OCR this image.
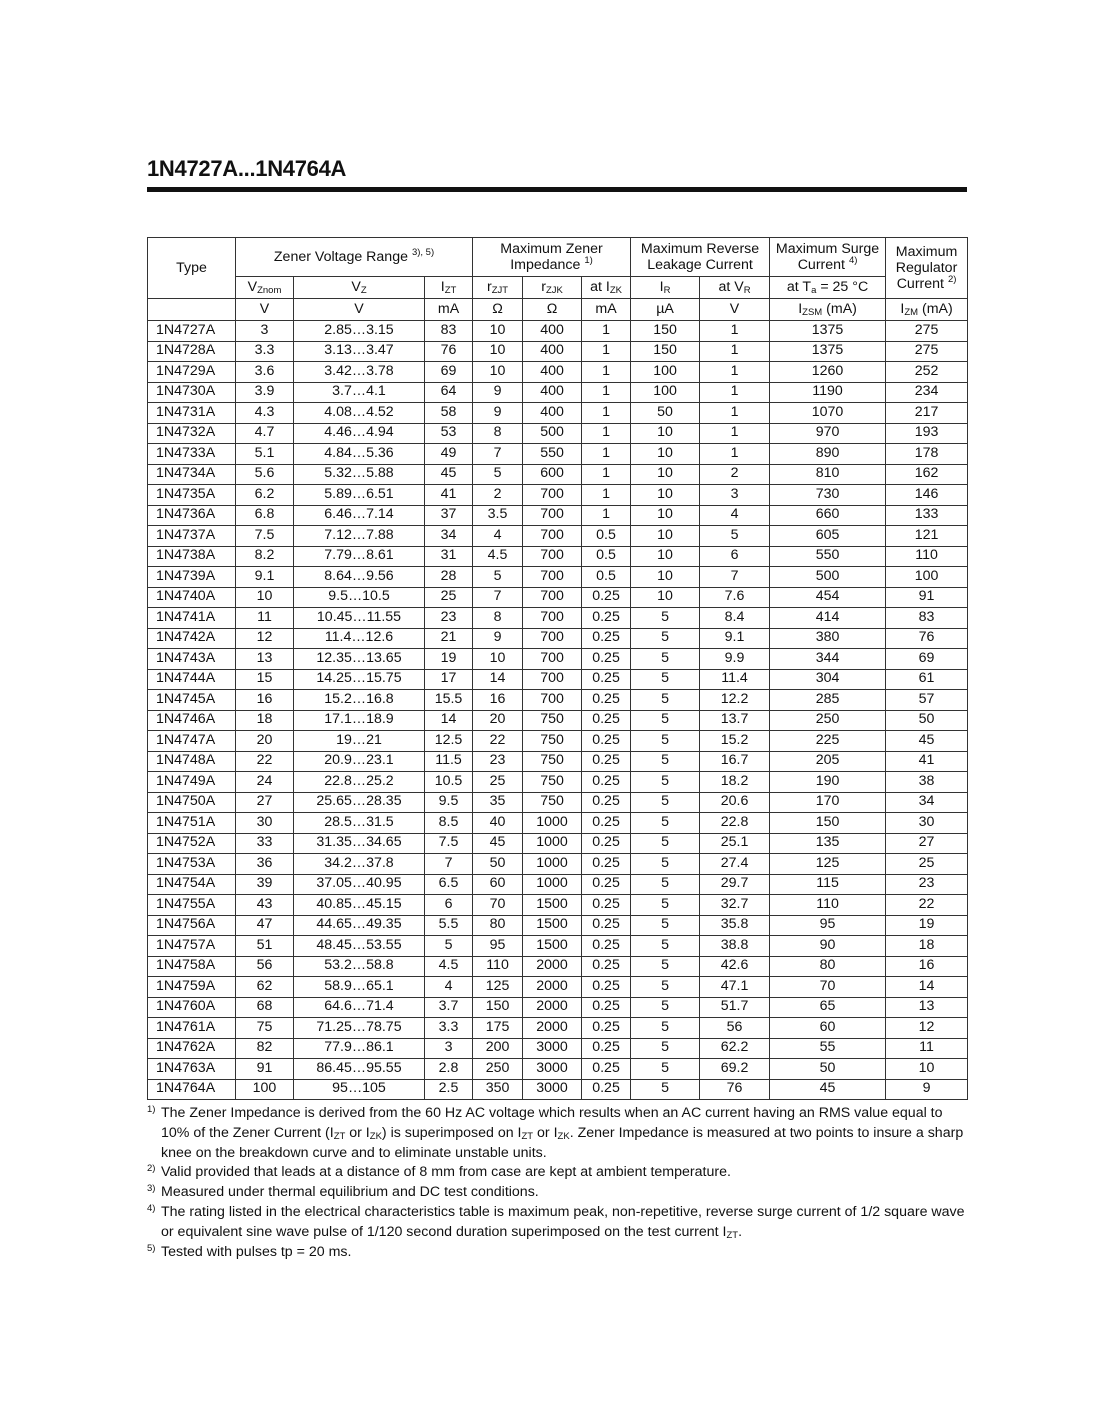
1N4727A...1N4764A
Type	Zener Voltage Range $^{3), 5)}$			Maximum Zener Impedance $^{1)}$			Maximum Reverse Leakage Current		Maximum Surge Current $^{4)}$	Maximum Regulator Current $^{2)}$
	$V_{Znom}$	$V_Z$	$I_{ZT}$	$r_{ZJT}$	$r_{ZJK}$	at $I_{ZK}$	$I_R$	at $V_R$	at $T_a = 25$ °C	
	V	V	mA	Ω	Ω	mA	µA	V	$I_{ZSM}$ (mA)	$I_{ZM}$ (mA)
1N4727A	3	2.85…3.15	83	10	400	1	150	1	1375	275
1N4728A	3.3	3.13…3.47	76	10	400	1	150	1	1375	275
1N4729A	3.6	3.42…3.78	69	10	400	1	100	1	1260	252
1N4730A	3.9	3.7…4.1	64	9	400	1	100	1	1190	234
1N4731A	4.3	4.08…4.52	58	9	400	1	50	1	1070	217
1N4732A	4.7	4.46…4.94	53	8	500	1	10	1	970	193
1N4733A	5.1	4.84…5.36	49	7	550	1	10	1	890	178
1N4734A	5.6	5.32…5.88	45	5	600	1	10	2	810	162
1N4735A	6.2	5.89…6.51	41	2	700	1	10	3	730	146
1N4736A	6.8	6.46…7.14	37	3.5	700	1	10	4	660	133
1N4737A	7.5	7.12…7.88	34	4	700	0.5	10	5	605	121
1N4738A	8.2	7.79…8.61	31	4.5	700	0.5	10	6	550	110
1N4739A	9.1	8.64…9.56	28	5	700	0.5	10	7	500	100
1N4740A	10	9.5…10.5	25	7	700	0.25	10	7.6	454	91
1N4741A	11	10.45…11.55	23	8	700	0.25	5	8.4	414	83
1N4742A	12	11.4…12.6	21	9	700	0.25	5	9.1	380	76
1N4743A	13	12.35…13.65	19	10	700	0.25	5	9.9	344	69
1N4744A	15	14.25…15.75	17	14	700	0.25	5	11.4	304	61
1N4745A	16	15.2…16.8	15.5	16	700	0.25	5	12.2	285	57
1N4746A	18	17.1…18.9	14	20	750	0.25	5	13.7	250	50
1N4747A	20	19…21	12.5	22	750	0.25	5	15.2	225	45
1N4748A	22	20.9…23.1	11.5	23	750	0.25	5	16.7	205	41
1N4749A	24	22.8…25.2	10.5	25	750	0.25	5	18.2	190	38
1N4750A	27	25.65…28.35	9.5	35	750	0.25	5	20.6	170	34
1N4751A	30	28.5…31.5	8.5	40	1000	0.25	5	22.8	150	30
1N4752A	33	31.35…34.65	7.5	45	1000	0.25	5	25.1	135	27
1N4753A	36	34.2…37.8	7	50	1000	0.25	5	27.4	125	25
1N4754A	39	37.05…40.95	6.5	60	1000	0.25	5	29.7	115	23
1N4755A	43	40.85…45.15	6	70	1500	0.25	5	32.7	110	22
1N4756A	47	44.65…49.35	5.5	80	1500	0.25	5	35.8	95	19
1N4757A	51	48.45…53.55	5	95	1500	0.25	5	38.8	90	18
1N4758A	56	53.2…58.8	4.5	110	2000	0.25	5	42.6	80	16
1N4759A	62	58.9…65.1	4	125	2000	0.25	5	47.1	70	14
1N4760A	68	64.6…71.4	3.7	150	2000	0.25	5	51.7	65	13
1N4761A	75	71.25…78.75	3.3	175	2000	0.25	5	56	60	12
1N4762A	82	77.9…86.1	3	200	3000	0.25	5	62.2	55	11
1N4763A	91	86.45…95.55	2.8	250	3000	0.25	5	69.2	50	10
1N4764A	100	95…105	2.5	350	3000	0.25	5	76	45	9
1) The Zener Impedance is derived from the 60 Hz AC voltage which results when an AC current having an RMS value equal to 10% of the Zener Current ($I_{ZT}$ or $I_{ZK}$) is superimposed on $I_{ZT}$ or $I_{ZK}$. Zener Impedance is measured at two points to insure a sharp knee on the breakdown curve and to eliminate unstable units.

2) Valid provided that leads at a distance of 8 mm from case are kept at ambient temperature.

3) Measured under thermal equilibrium and DC test conditions.

4) The rating listed in the electrical characteristics table is maximum peak, non-repetitive, reverse surge current of 1/2 square wave or equivalent sine wave pulse of 1/120 second duration superimposed on the test current $I_{ZT}$.

5) Tested with pulses tp = 20 ms.
